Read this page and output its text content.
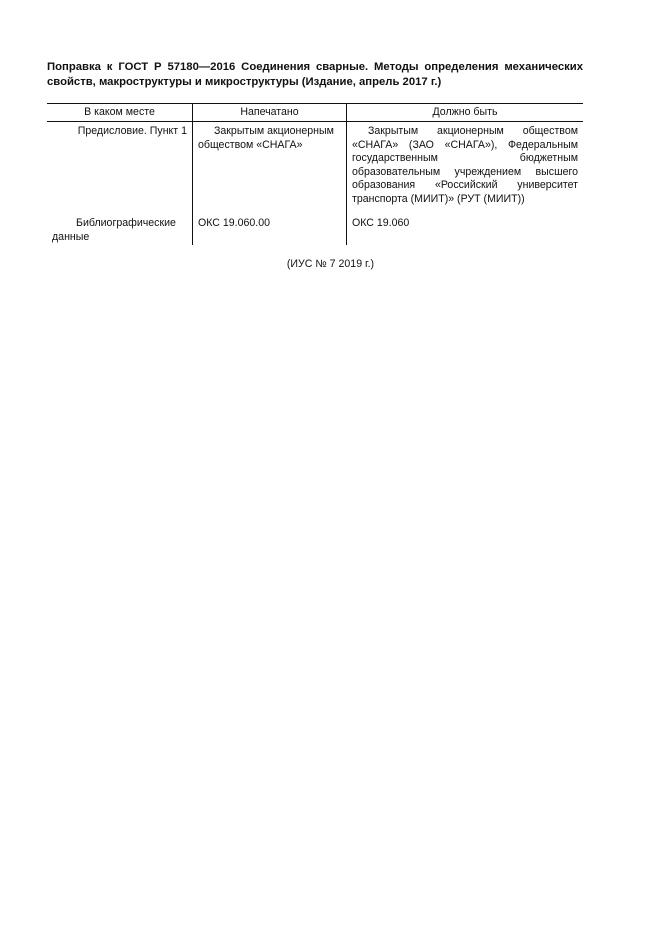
Поправка к ГОСТ Р 57180—2016 Соединения сварные. Методы определения механических свойств, макроструктуры и микроструктуры (Издание, апрель 2017 г.)
В каком месте	Напечатано	Должно быть
Предисловие. Пункт 1	Закрытым акционерным обществом «СНАГА»	Закрытым акционерным обществом «СНАГА» (ЗАО «СНАГА»), Федеральным государственным бюджетным образовательным учреждением высшего образования «Российский университет транспорта (МИИТ)» (РУТ (МИИТ))
Библиографические данные	ОКС 19.060.00	ОКС 19.060
(ИУС № 7 2019 г.)
